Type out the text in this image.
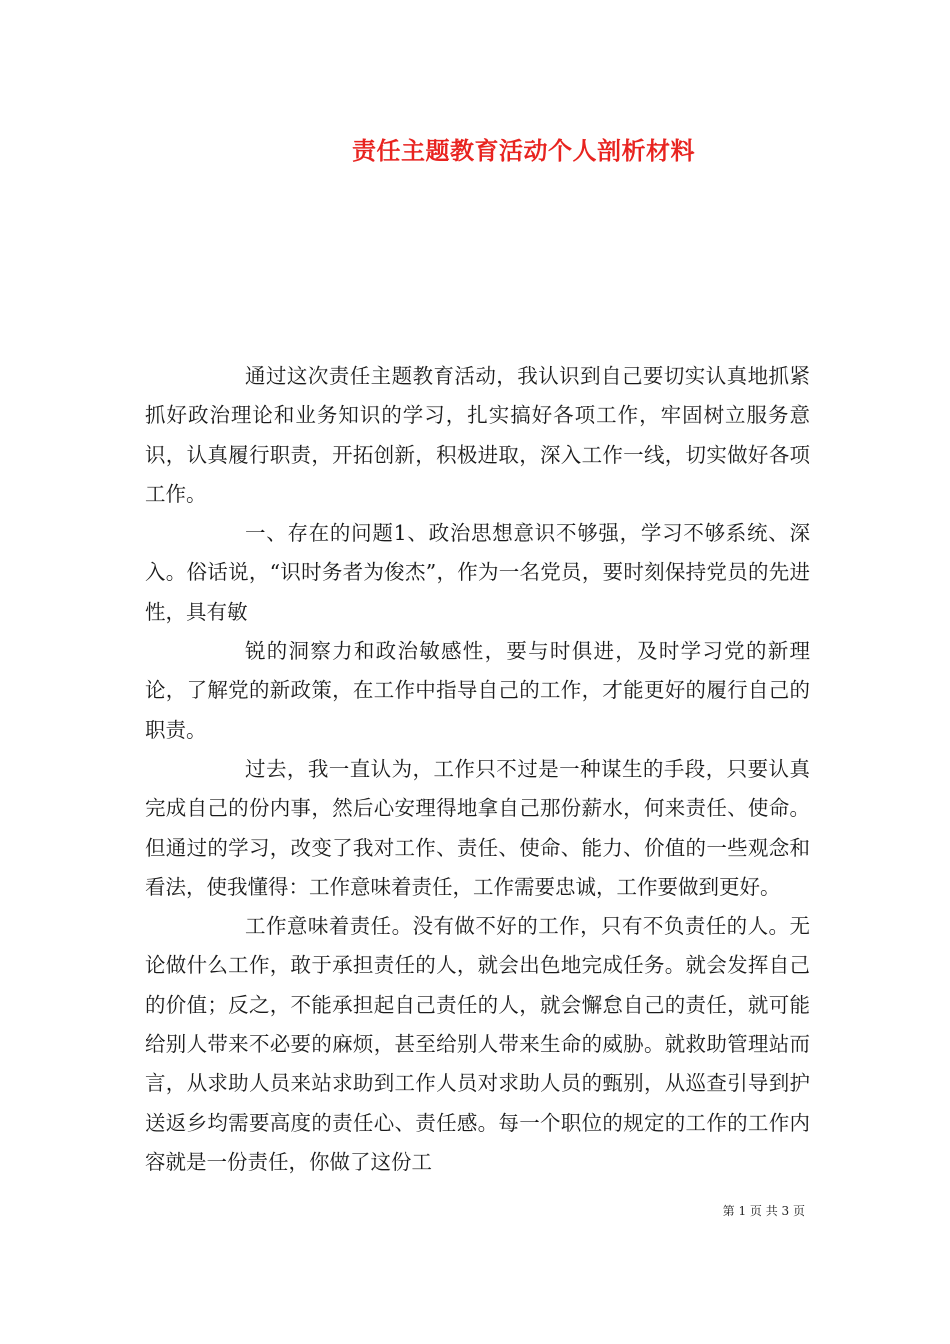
责任主题教育活动个人剖析材料

通过这次责任主题教育活动，我认识到自己要切实认真地抓紧抓好政治理论和业务知识的学习，扎实搞好各项工作，牢固树立服务意识，认真履行职责，开拓创新，积极进取，深入工作一线，切实做好各项工作。

一、存在的问题1、政治思想意识不够强，学习不够系统、深入。俗话说，“识时务者为俊杰”，作为一名党员，要时刻保持党员的先进性，具有敏

锐的洞察力和政治敏感性，要与时俱进，及时学习党的新理论，了解党的新政策，在工作中指导自己的工作，才能更好的履行自己的职责。

过去，我一直认为，工作只不过是一种谋生的手段，只要认真完成自己的份内事，然后心安理得地拿自己那份薪水，何来责任、使命。但通过的学习，改变了我对工作、责任、使命、能力、价值的一些观念和看法，使我懂得：工作意味着责任，工作需要忠诚，工作要做到更好。

工作意味着责任。没有做不好的工作，只有不负责任的人。无论做什么工作，敢于承担责任的人，就会出色地完成任务。就会发挥自己的价值；反之，不能承担起自己责任的人，就会懈怠自己的责任，就可能给别人带来不必要的麻烦，甚至给别人带来生命的威胁。就救助管理站而言，从求助人员来站求助到工作人员对求助人员的甄别，从巡查引导到护送返乡均需要高度的责任心、责任感。每一个职位的规定的工作的工作内容就是一份责任，你做了这份工

第 1 页 共 3 页
